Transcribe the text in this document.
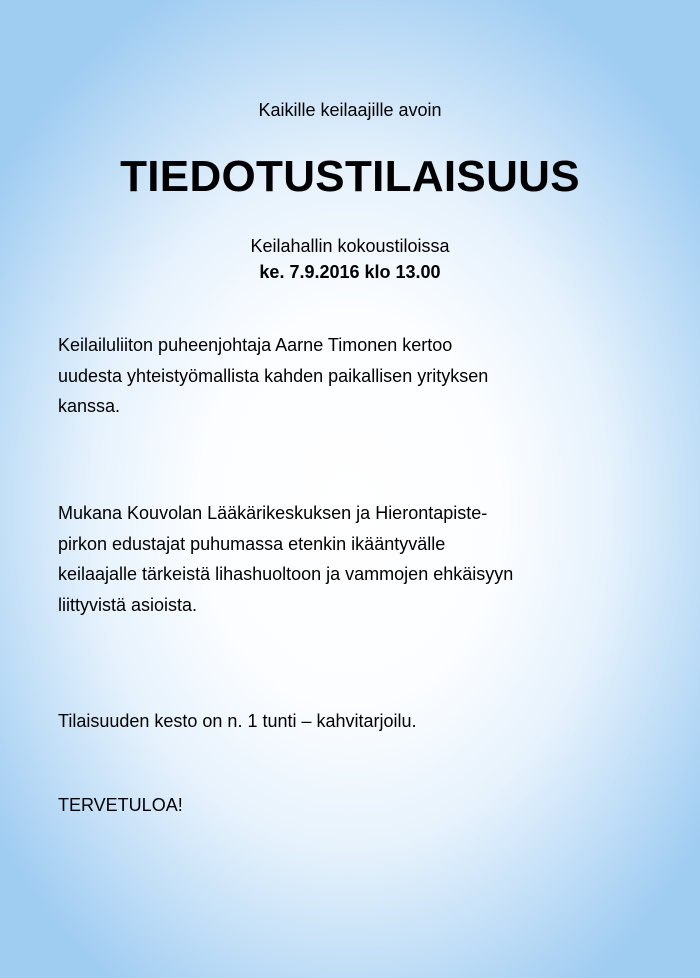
Kaikille keilaajille avoin
TIEDOTUSTILAISUUS
Keilahallin kokoustiloissa
ke. 7.9.2016 klo 13.00
Keilailuliiton puheenjohtaja Aarne Timonen kertoo
uudesta yhteistyömallista kahden paikallisen yrityksen
kanssa.
Mukana Kouvolan Lääkärikeskuksen ja Hierontapiste-
pirkon edustajat puhumassa etenkin ikääntyvälle
keilaajalle tärkeistä lihashuoltoon ja vammojen ehkäisyyn
liittyvistä asioista.
Tilaisuuden kesto on n. 1 tunti – kahvitarjoilu.
TERVETULOA!
